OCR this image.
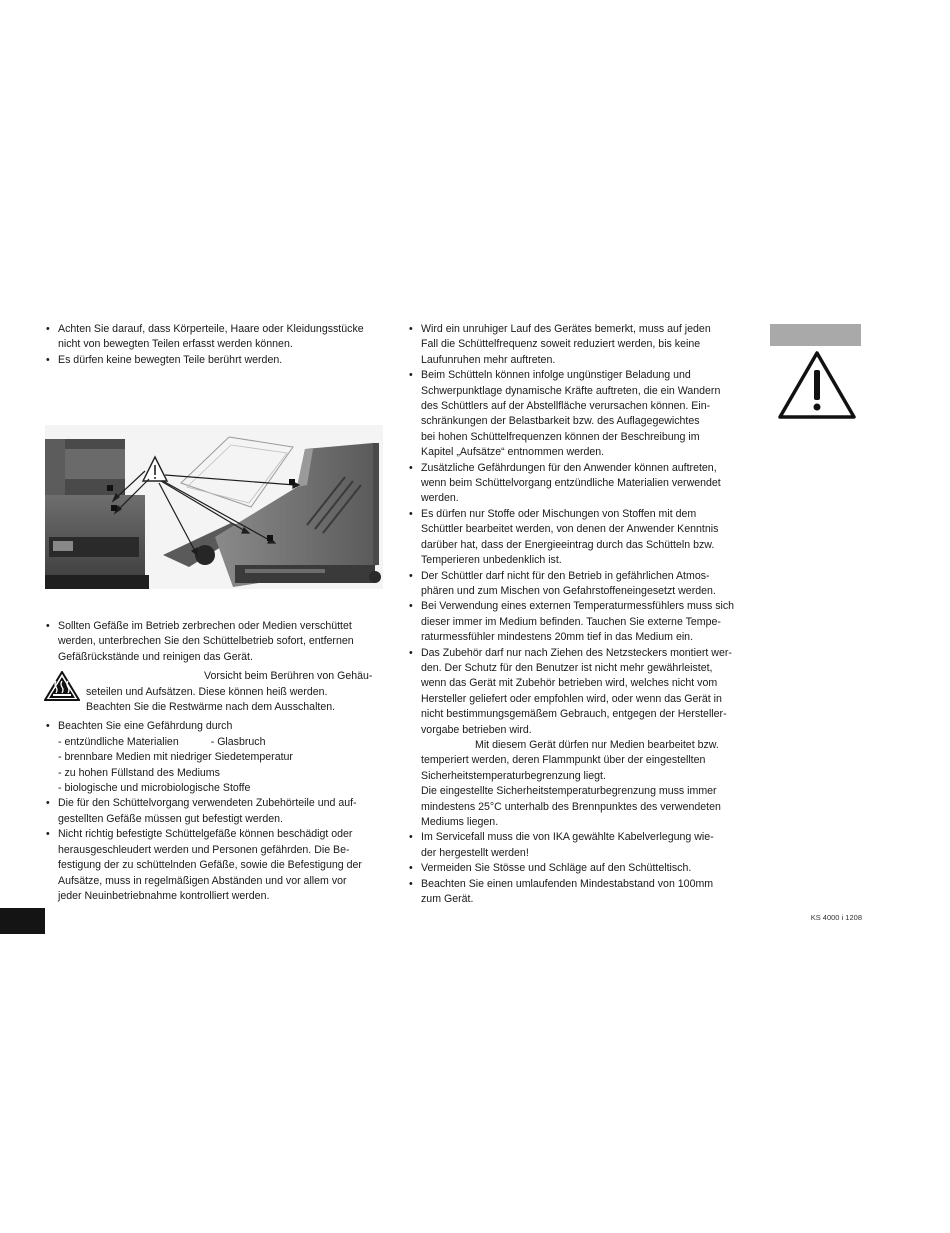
• Achten Sie darauf, dass Körperteile, Haare oder Kleidungsstücke
nicht von bewegten Teilen erfasst werden können.
• Es dürfen keine bewegten Teile berührt werden.
• Sollten Gefäße im Betrieb zerbrechen oder Medien verschüttet
werden, unterbrechen Sie den Schüttelbetrieb sofort, entfernen
Gefäßrückstände und reinigen das Gerät.
Vorsicht beim Berühren von Gehäu-
seteilen und Aufsätzen. Diese können heiß werden.
Beachten Sie die Restwärme nach dem Ausschalten.
• Beachten Sie eine Gefährdung durch
- entzündliche Materialien	- Glasbruch
- brennbare Medien mit niedriger Siedetemperatur
- zu hohen Füllstand des Mediums
- biologische und microbiologische Stoffe
• Die für den Schüttelvorgang verwendeten Zubehörteile und auf-
gestellten Gefäße müssen gut befestigt werden.
• Nicht richtig befestigte Schüttelgefäße können beschädigt oder
herausgeschleudert werden und Personen gefährden. Die Be-
festigung der zu schüttelnden Gefäße, sowie die Befestigung der
Aufsätze, muss in regelmäßigen Abständen und vor allem vor
jeder Neuinbetriebnahme kontrolliert werden.
• Wird ein unruhiger Lauf des Gerätes bemerkt, muss auf jeden
Fall die Schüttelfrequenz soweit reduziert werden, bis keine
Laufunruhen mehr auftreten.
• Beim Schütteln können infolge ungünstiger Beladung und
Schwerpunktlage dynamische Kräfte auftreten, die ein Wandern
des Schüttlers auf der Abstellfläche verursachen können. Ein-
schränkungen der Belastbarkeit bzw. des Auflagegewichtes
bei hohen Schüttelfrequenzen können der Beschreibung im
Kapitel „Aufsätze“ entnommen werden.
• Zusätzliche Gefährdungen für den Anwender können auftreten,
wenn beim Schüttelvorgang entzündliche Materialien verwendet
werden.
• Es dürfen nur Stoffe oder Mischungen von Stoffen mit dem
Schüttler bearbeitet werden, von denen der Anwender Kenntnis
darüber hat, dass der Energieeintrag durch das Schütteln bzw.
Temperieren unbedenklich ist.
• Der Schüttler darf nicht für den Betrieb in gefährlichen Atmos-
phären und zum Mischen von Gefahrstoffeneingesetzt werden.
• Bei Verwendung eines externen Temperaturmessfühlers muss sich
dieser immer im Medium befinden. Tauchen Sie externe Tempe-
raturmessfühler mindestens 20mm tief in das Medium ein.
• Das Zubehör darf nur nach Ziehen des Netzsteckers montiert wer-
den. Der Schutz für den Benutzer ist nicht mehr gewährleistet,
wenn das Gerät mit Zubehör betrieben wird, welches nicht vom
Hersteller geliefert oder empfohlen wird, oder wenn das Gerät in
nicht bestimmungsgemäßem Gebrauch, entgegen der Hersteller-
vorgabe betrieben wird.
Mit diesem Gerät dürfen nur Medien bearbeitet bzw.
temperiert werden, deren Flammpunkt über der eingestellten
Sicherheitstemperaturbegrenzung liegt.
Die eingestellte Sicherheitstemperaturbegrenzung muss immer
mindestens 25°C unterhalb des Brennpunktes des verwendeten
Mediums liegen.
• Im Servicefall muss die von IKA gewählte Kabelverlegung wie-
der hergestellt werden!
• Vermeiden Sie Stösse und Schläge auf den Schütteltisch.
• Beachten Sie einen umlaufenden Mindestabstand von 100mm
zum Gerät.
KS 4000 i 1208
